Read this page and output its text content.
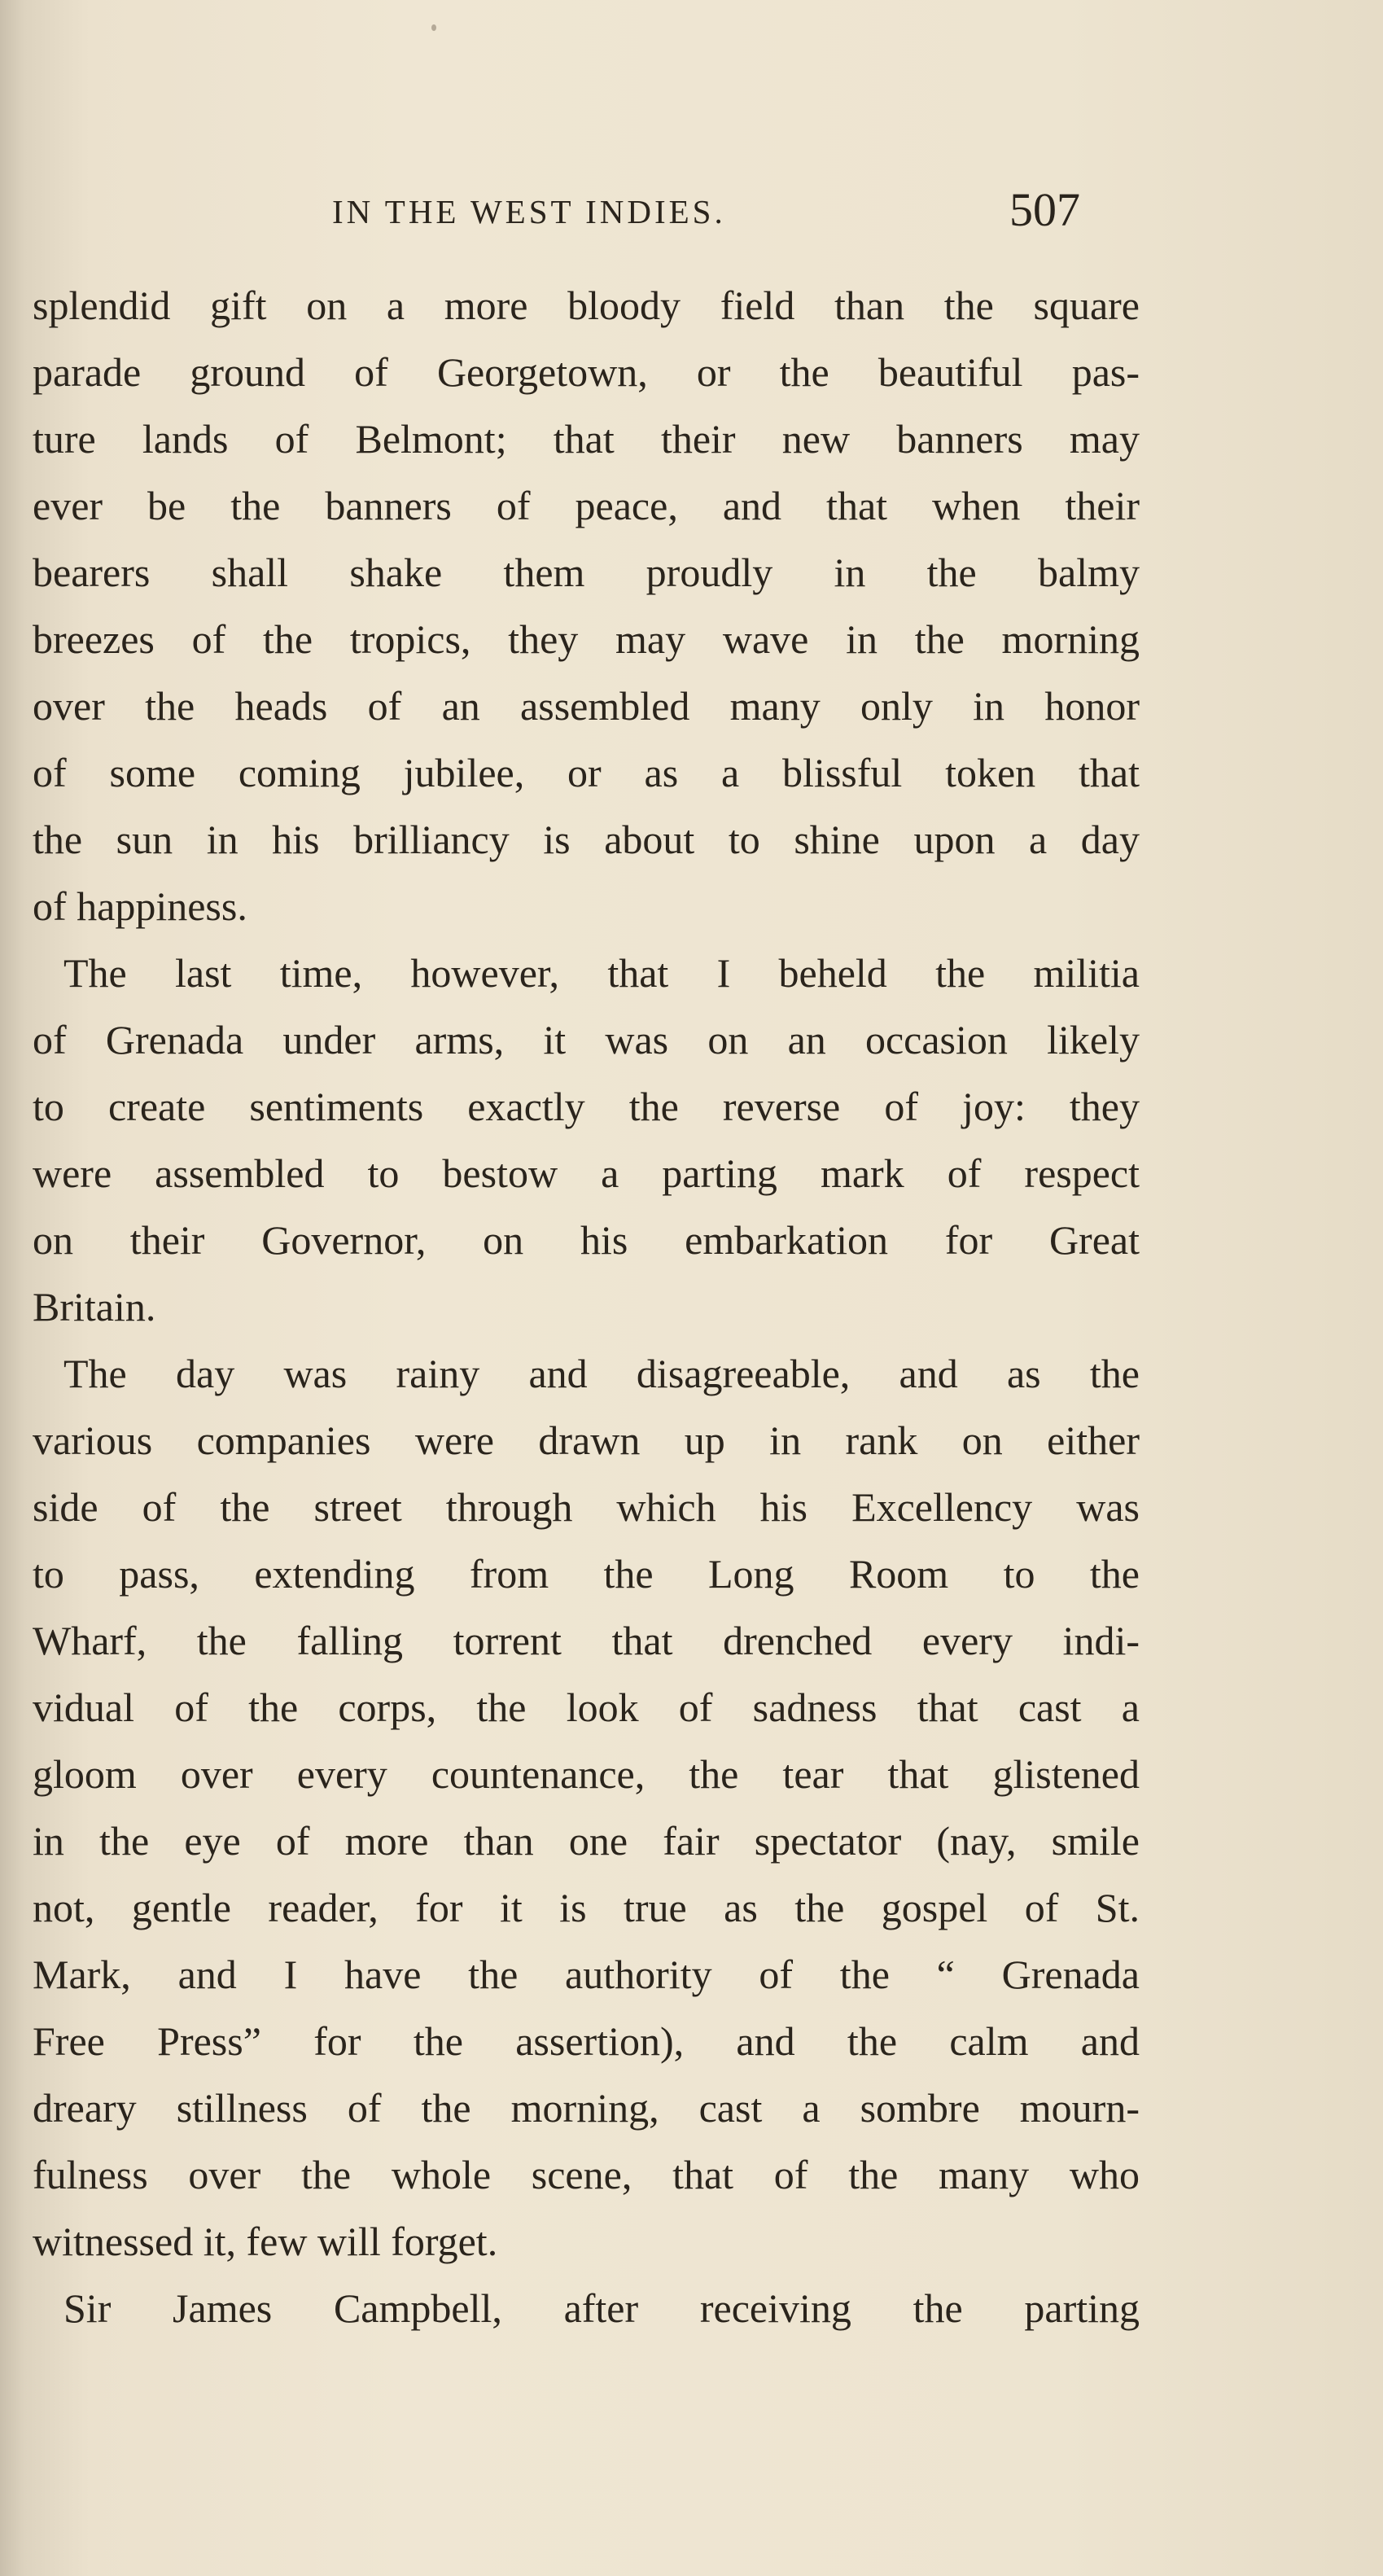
IN THE WEST INDIES.	507
splendid gift on a more bloody field than the square
parade ground of Georgetown, or the beautiful pas-
ture lands of Belmont; that their new banners may
ever be the banners of peace, and that when their
bearers shall shake them proudly in the balmy
breezes of the tropics, they may wave in the morning
over the heads of an assembled many only in honor
of some coming jubilee, or as a blissful token that
the sun in his brilliancy is about to shine upon a day
of happiness.
The last time, however, that I beheld the militia
of Grenada under arms, it was on an occasion likely
to create sentiments exactly the reverse of joy: they
were assembled to bestow a parting mark of respect
on their Governor, on his embarkation for Great
Britain.
The day was rainy and disagreeable, and as the
various companies were drawn up in rank on either
side of the street through which his Excellency was
to pass, extending from the Long Room to the
Wharf, the falling torrent that drenched every indi-
vidual of the corps, the look of sadness that cast a
gloom over every countenance, the tear that glistened
in the eye of more than one fair spectator (nay, smile
not, gentle reader, for it is true as the gospel of St.
Mark, and I have the authority of the “ Grenada
Free Press” for the assertion), and the calm and
dreary stillness of the morning, cast a sombre mourn-
fulness over the whole scene, that of the many who
witnessed it, few will forget.
Sir James Campbell, after receiving the parting
